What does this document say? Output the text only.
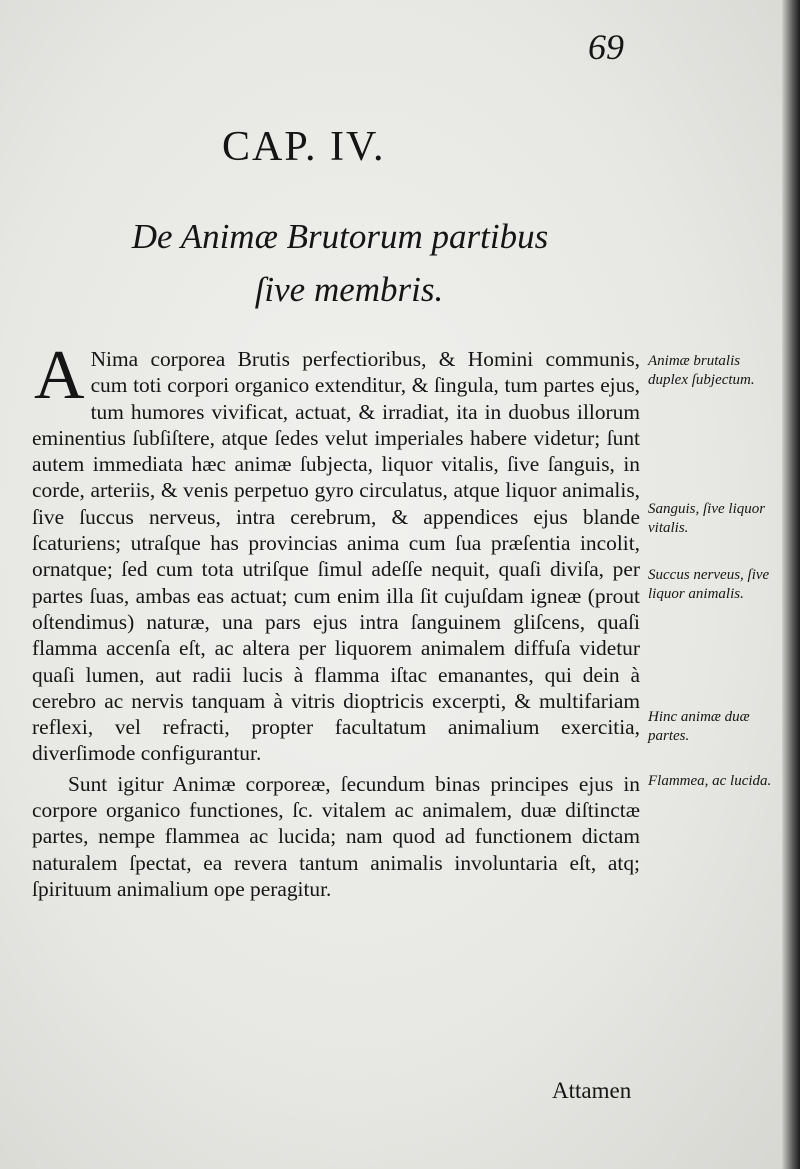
69
CAP. IV.
De Animæ Brutorum partibus
ſive membris.

A Nima corporea Brutis perfectioribus, & Homini communis, cum toti corpori organico extenditur, & ſingula, tum partes ejus, tum humores vivificat, actuat, & irradiat, ita in duobus illorum eminentius ſubſiſtere, atque ſedes velut imperiales habere videtur; ſunt autem immediata hæc animæ ſubjecta, liquor vitalis, ſive ſanguis, in corde, arteriis, & venis perpetuo gyro circulatus, atque liquor animalis, ſive ſuccus nerveus, intra cerebrum, & appendices ejus blande ſcaturiens; utraſque has provincias anima cum ſua præſentia incolit, ornatque; ſed cum tota utriſque ſimul adeſſe nequit, quaſi diviſa, per partes ſuas, ambas eas actuat; cum enim illa ſit cujuſdam igneæ (prout oſtendimus) naturæ, una pars ejus intra ſanguinem gliſcens, quaſi flamma accenſa eſt, ac altera per liquorem animalem diffuſa videtur quaſi lumen, aut radii lucis à flamma iſtac emanantes, qui dein à cerebro ac nervis tanquam à vitris dioptricis excerpti, & multifariam reflexi, vel refracti, propter facultatum animalium exercitia, diverſimode configurantur.

Sunt igitur Animæ corporeæ, ſecundum binas principes ejus in corpore organico functiones, ſc. vitalem ac animalem, duæ diſtinctæ partes, nempe flammea ac lucida; nam quod ad functionem dictam naturalem ſpectat, ea revera tantum animalis involuntaria eſt, atq; ſpirituum animalium ope peragitur.

Attamen
Animæ brutalis duplex ſubjectum.
Sanguis, ſive liquor vitalis.
Succus nerveus, ſive liquor animalis.
Hinc animæ duæ partes.
Flammea, ac lucida.
